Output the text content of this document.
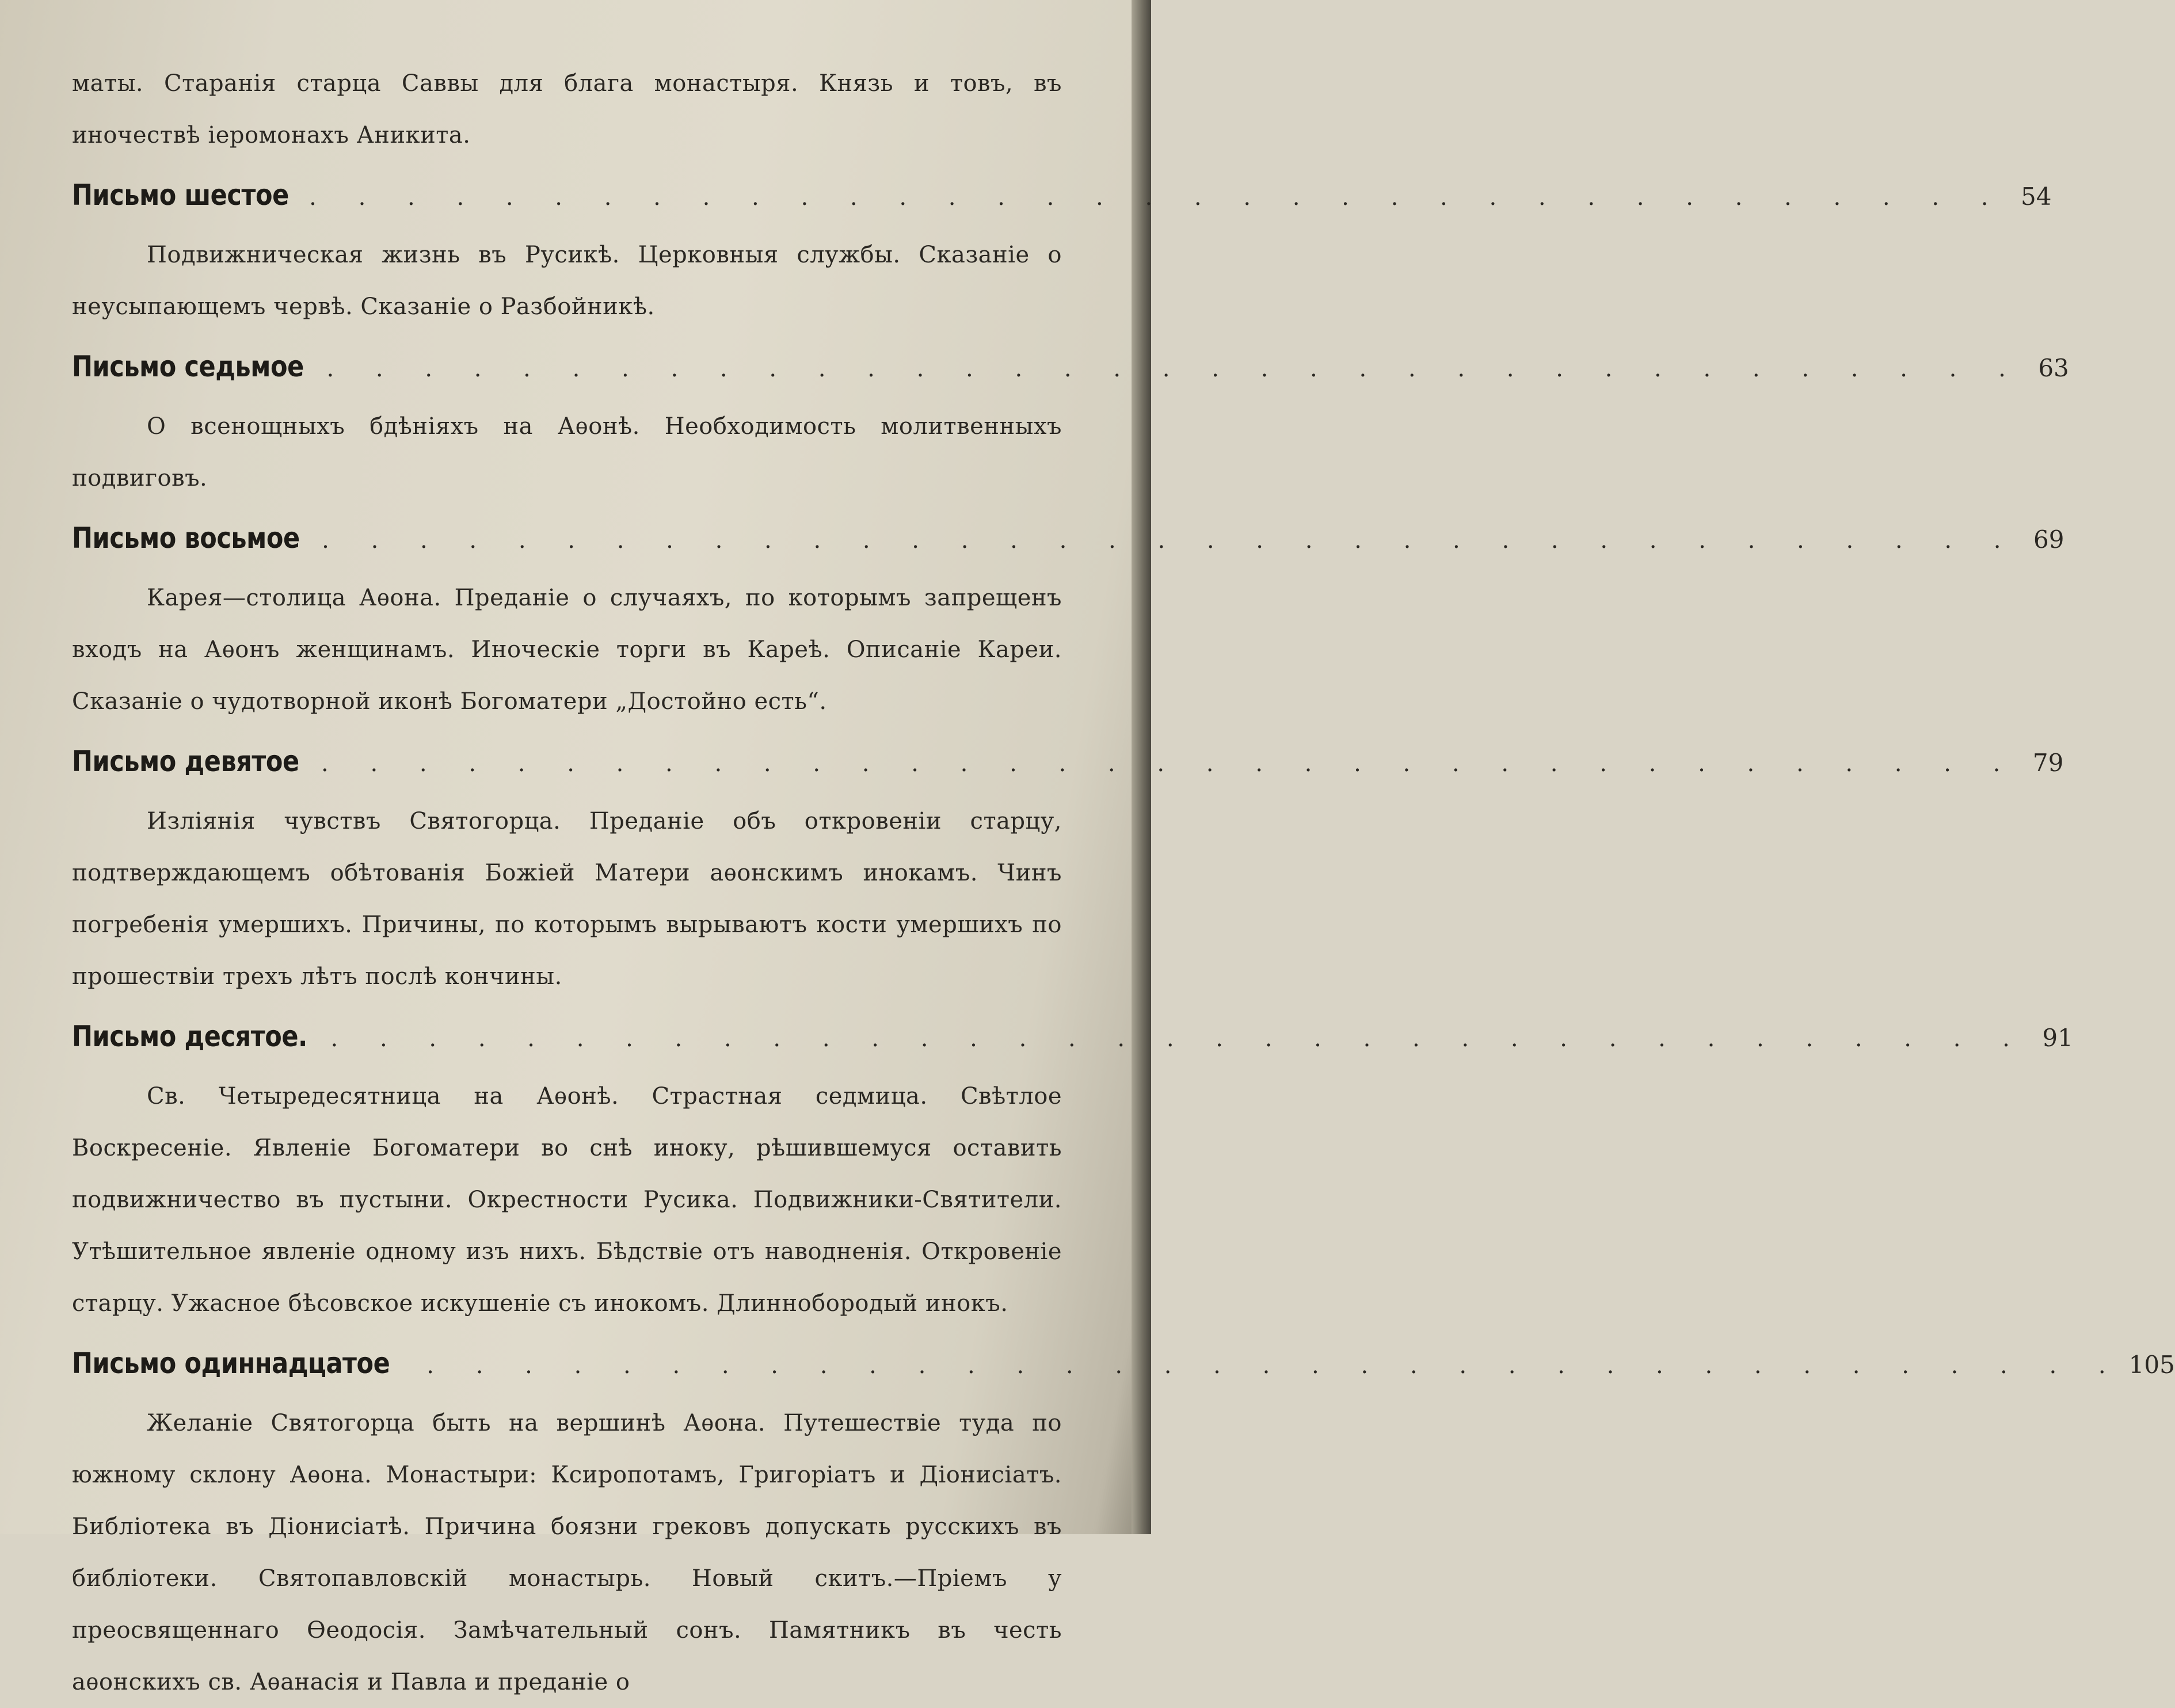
маты. Старанія старца Саввы для блага монастыря. Князь и товъ, въ иночествѣ іеромонахъ Аникита.

Письмо шестое . . . . . . . . . . . . . . . . . . . . . . . . . . . . . . . . . . . 54

Подвижническая жизнь въ Русикѣ. Церковныя службы. Сказаніе о неусыпающемъ червѣ. Сказаніе о Разбойникѣ.

Письмо седьмое . . . . . . . . . . . . . . . . . . . . . . . . . . . . . . . . . . . 63

О всенощныхъ бдѣніяхъ на Аѳонѣ. Необходимость молитвенныхъ подвиговъ.

Письмо восьмое . . . . . . . . . . . . . . . . . . . . . . . . . . . . . . . . . . . 69

Карея—столица Аѳона. Преданіе о случаяхъ, по которымъ запрещенъ входъ на Аѳонъ женщинамъ. Иноческіе торги въ Кареѣ. Описаніе Кареи. Сказаніе о чудотворной иконѣ Богоматери „Достойно есть“.

Письмо девятое . . . . . . . . . . . . . . . . . . . . . . . . . . . . . . . . . . . 79

Изліянія чувствъ Святогорца. Преданіе объ откровеніи старцу, подтверждающемъ обѣтованія Божіей Матери аѳонскимъ инокамъ. Чинъ погребенія умершихъ. Причины, по которымъ вырываютъ кости умершихъ по прошествіи трехъ лѣтъ послѣ кончины.

Письмо десятое.	. . . . . . . . . . . . . . . . . . . . . . . . . . . . . . . . . . . 91

Св. Четыредесятница на Аѳонѣ. Страстная седмица. Свѣтлое Воскресеніе. Явленіе Богоматери во снѣ иноку, рѣшившемуся оставить подвижничество въ пустыни. Окрестности Русика. Подвижники-Святители. Утѣшительное явленіе одному изъ нихъ. Бѣдствіе отъ наводненія. Откровеніе старцу. Ужасное бѣсовское искушеніе съ инокомъ. Длиннобородый инокъ.

Письмо одиннадцатое	. . . . . . . . . . . . . . . . . . . . . . . . . . . . . . . . . . . 105

Желаніе Святогорца быть на вершинѣ Аѳона. Путешествіе туда по южному склону Аѳона. Монастыри: Ксиропотамъ, Григоріатъ и Діонисіатъ. Библіотека въ Діонисіатѣ. Причина боязни грековъ допускать русскихъ въ библіотеки. Святопавловскій монастырь. Новый скитъ.—Пріемъ у преосвященнаго Ѳеодосія. Замѣчательный сонъ. Памятникъ въ честь аѳонскихъ св. Аѳанасія и Павла и преданіе о
